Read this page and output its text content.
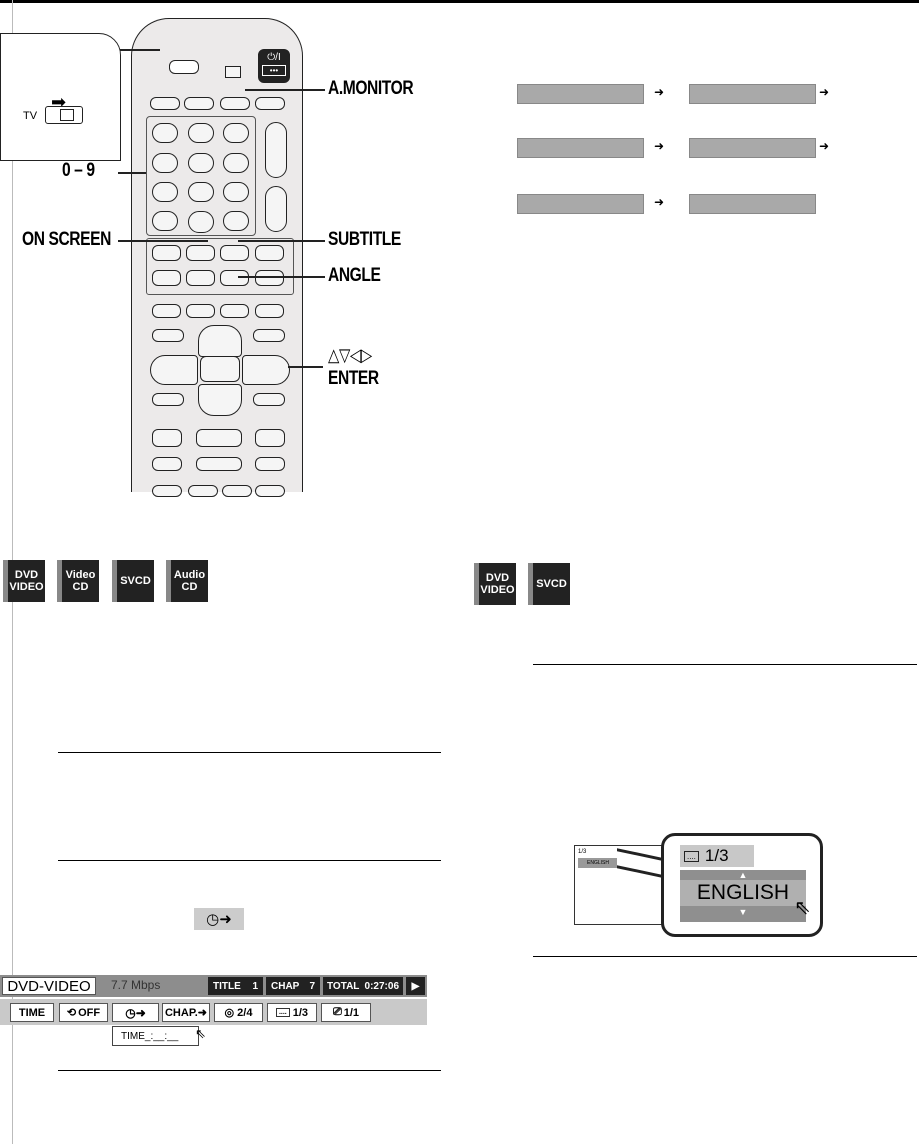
⏻/I
•••
➡
TV
A.MONITOR
0 – 9
ON SCREEN	SUBTITLE
ANGLE
△▽◁▷
ENTER
➜	➜
➜	➜
➜
DVD VIDEO
Video CD	SVCD	Audio CD
DVD VIDEO	SVCD
◷➜
DVD-VIDEO	7.7 Mbps	TITLE 1 CHAP 7 TOTAL 0:27:06	▶
TIME	⟲ OFF	◷➜	CHAP.➜ ◎ 2/4	.... 1/3 ⎚ 1/1
TIME_:__:__ ⇖
1/3
ENGLISH
.... 1/3
▲
ENGLISH
▼	⇖
